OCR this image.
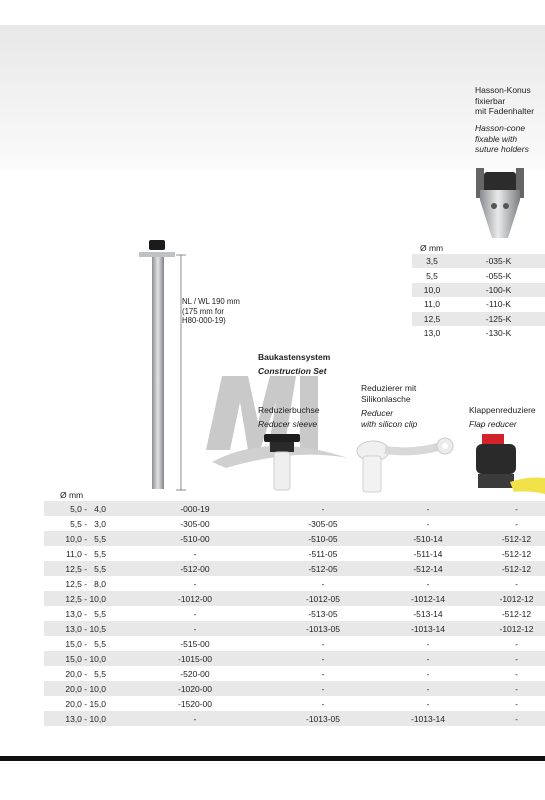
Hasson-Konus
fixierbar
mit Fadenhalter
Hasson-cone
fixable with
suture holders
Ø mm
3,5	-035-K
5,5	-055-K
10,0	-100-K
11,0	-110-K
12,5	-125-K
13,0	-130-K
NL / WL 190 mm
(175 mm for
H80-000-19)
Baukastensystem
Construction Set
Reduzierbuchse
Reducer sleeve
Reduzierer mit
Silikonlasche
Reducer
with silicon clip
Klappenreduziere
Flap reducer
Ø mm
5,0 -   4,0	-000-19	-	-	-
5,5 -   3,0	-305-00	-305-05	-	-
10,0 -   5,5	-510-00	-510-05	-510-14	-512-12
11,0 -   5,5	-	-511-05	-511-14	-512-12
12,5 -   5,5	-512-00	-512-05	-512-14	-512-12
12,5 -   8,0	-	-	-	-
12,5 - 10,0	-1012-00	-1012-05	-1012-14	-1012-12
13,0 -   5,5	-	-513-05	-513-14	-512-12
13,0 - 10,5	-	-1013-05	-1013-14	-1012-12
15,0 -   5,5	-515-00	-	-	-
15,0 - 10,0	-1015-00	-	-	-
20,0 -   5,5	-520-00	-	-	-
20,0 - 10,0	-1020-00	-	-	-
20,0 - 15,0	-1520-00	-	-	-
13,0 - 10,0	-	-1013-05	-1013-14	-
